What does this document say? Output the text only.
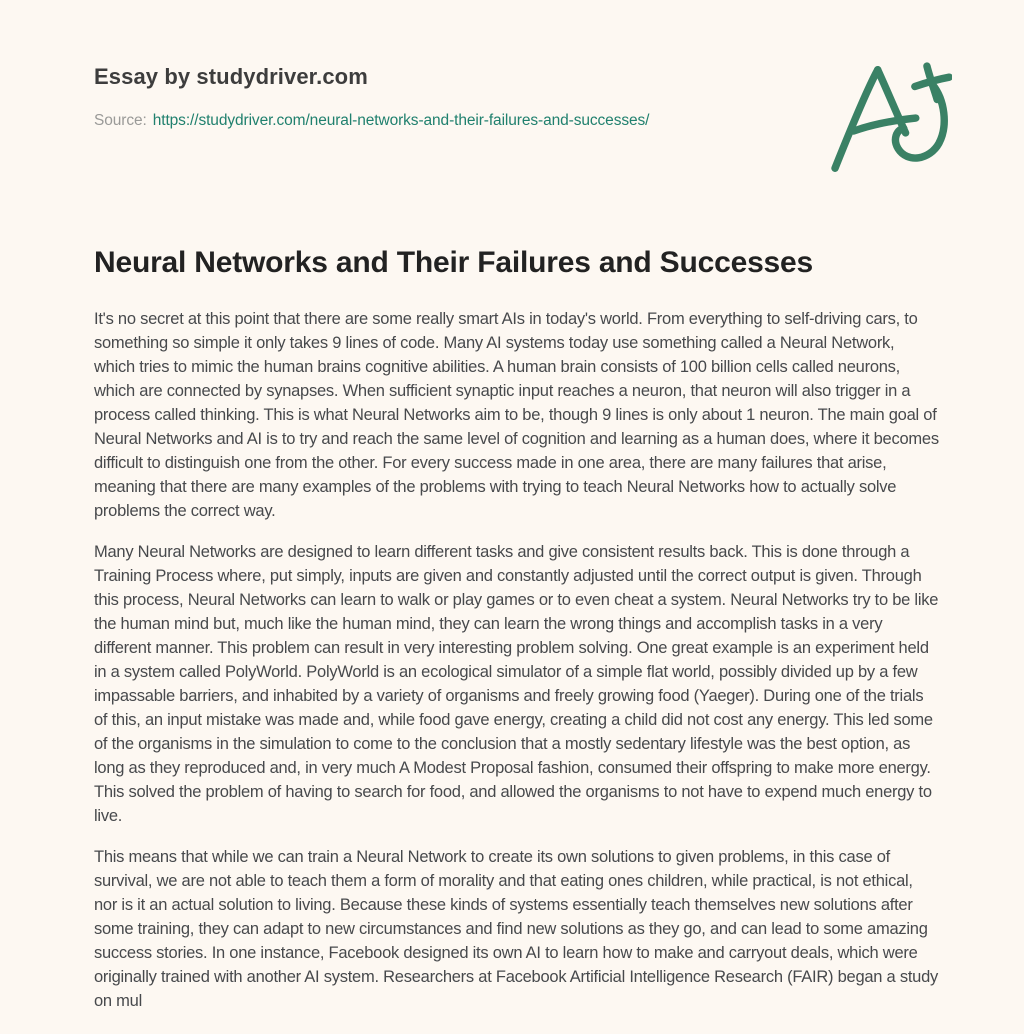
Essay by studydriver.com
Source: https://studydriver.com/neural-networks-and-their-failures-and-successes/
Neural Networks and Their Failures and Successes

It's no secret at this point that there are some really smart AIs in today's world. From everything to self-driving cars, to something so simple it only takes 9 lines of code. Many AI systems today use something called a Neural Network, which tries to mimic the human brains cognitive abilities. A human brain consists of 100 billion cells called neurons, which are connected by synapses. When sufficient synaptic input reaches a neuron, that neuron will also trigger in a process called thinking. This is what Neural Networks aim to be, though 9 lines is only about 1 neuron. The main goal of Neural Networks and AI is to try and reach the same level of cognition and learning as a human does, where it becomes difficult to distinguish one from the other. For every success made in one area, there are many failures that arise, meaning that there are many examples of the problems with trying to teach Neural Networks how to actually solve problems the correct way.

Many Neural Networks are designed to learn different tasks and give consistent results back. This is done through a Training Process where, put simply, inputs are given and constantly adjusted until the correct output is given. Through this process, Neural Networks can learn to walk or play games or to even cheat a system. Neural Networks try to be like the human mind but, much like the human mind, they can learn the wrong things and accomplish tasks in a very different manner. This problem can result in very interesting problem solving. One great example is an experiment held in a system called PolyWorld. PolyWorld is an ecological simulator of a simple flat world, possibly divided up by a few impassable barriers, and inhabited by a variety of organisms and freely growing food (Yaeger). During one of the trials of this, an input mistake was made and, while food gave energy, creating a child did not cost any energy. This led some of the organisms in the simulation to come to the conclusion that a mostly sedentary lifestyle was the best option, as long as they reproduced and, in very much A Modest Proposal fashion, consumed their offspring to make more energy. This solved the problem of having to search for food, and allowed the organisms to not have to expend much energy to live.

This means that while we can train a Neural Network to create its own solutions to given problems, in this case of survival, we are not able to teach them a form of morality and that eating ones children, while practical, is not ethical, nor is it an actual solution to living. Because these kinds of systems essentially teach themselves new solutions after some training, they can adapt to new circumstances and find new solutions as they go, and can lead to some amazing success stories. In one instance, Facebook designed its own AI to learn how to make and carryout deals, which were originally trained with another AI system. Researchers at Facebook Artificial Intelligence Research (FAIR) began a study on mul
